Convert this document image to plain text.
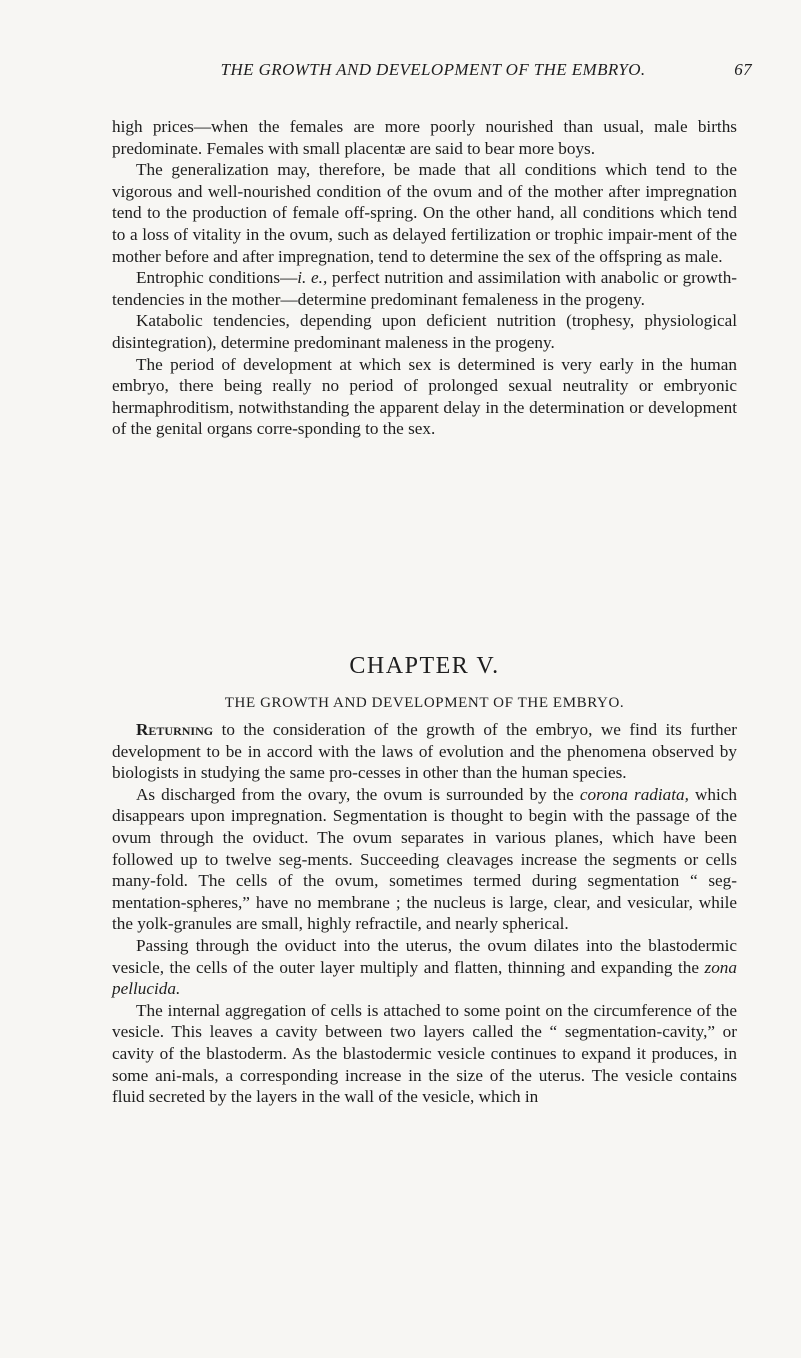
THE GROWTH AND DEVELOPMENT OF THE EMBRYO.	67

high prices—when the females are more poorly nourished than usual, male births predominate. Females with small placentæ are said to bear more boys.

The generalization may, therefore, be made that all conditions which tend to the vigorous and well-nourished condition of the ovum and of the mother after impregnation tend to the production of female off-spring. On the other hand, all conditions which tend to a loss of vitality in the ovum, such as delayed fertilization or trophic impair-ment of the mother before and after impregnation, tend to determine the sex of the offspring as male.

Entrophic conditions—i. e., perfect nutrition and assimilation with anabolic or growth-tendencies in the mother—determine predominant femaleness in the progeny.

Katabolic tendencies, depending upon deficient nutrition (trophesy, physiological disintegration), determine predominant maleness in the progeny.

The period of development at which sex is determined is very early in the human embryo, there being really no period of prolonged sexual neutrality or embryonic hermaphroditism, notwithstanding the apparent delay in the determination or development of the genital organs corre-sponding to the sex.

CHAPTER V.
THE GROWTH AND DEVELOPMENT OF THE EMBRYO.

Returning to the consideration of the growth of the embryo, we find its further development to be in accord with the laws of evolution and the phenomena observed by biologists in studying the same pro-cesses in other than the human species.

As discharged from the ovary, the ovum is surrounded by the corona radiata, which disappears upon impregnation. Segmentation is thought to begin with the passage of the ovum through the oviduct. The ovum separates in various planes, which have been followed up to twelve seg-ments. Succeeding cleavages increase the segments or cells many-fold. The cells of the ovum, sometimes termed during segmentation “ seg-mentation-spheres,” have no membrane ; the nucleus is large, clear, and vesicular, while the yolk-granules are small, highly refractile, and nearly spherical.

Passing through the oviduct into the uterus, the ovum dilates into the blastodermic vesicle, the cells of the outer layer multiply and flatten, thinning and expanding the zona pellucida.

The internal aggregation of cells is attached to some point on the circumference of the vesicle. This leaves a cavity between two layers called the “ segmentation-cavity,” or cavity of the blastoderm. As the blastodermic vesicle continues to expand it produces, in some ani-mals, a corresponding increase in the size of the uterus. The vesicle contains fluid secreted by the layers in the wall of the vesicle, which in
